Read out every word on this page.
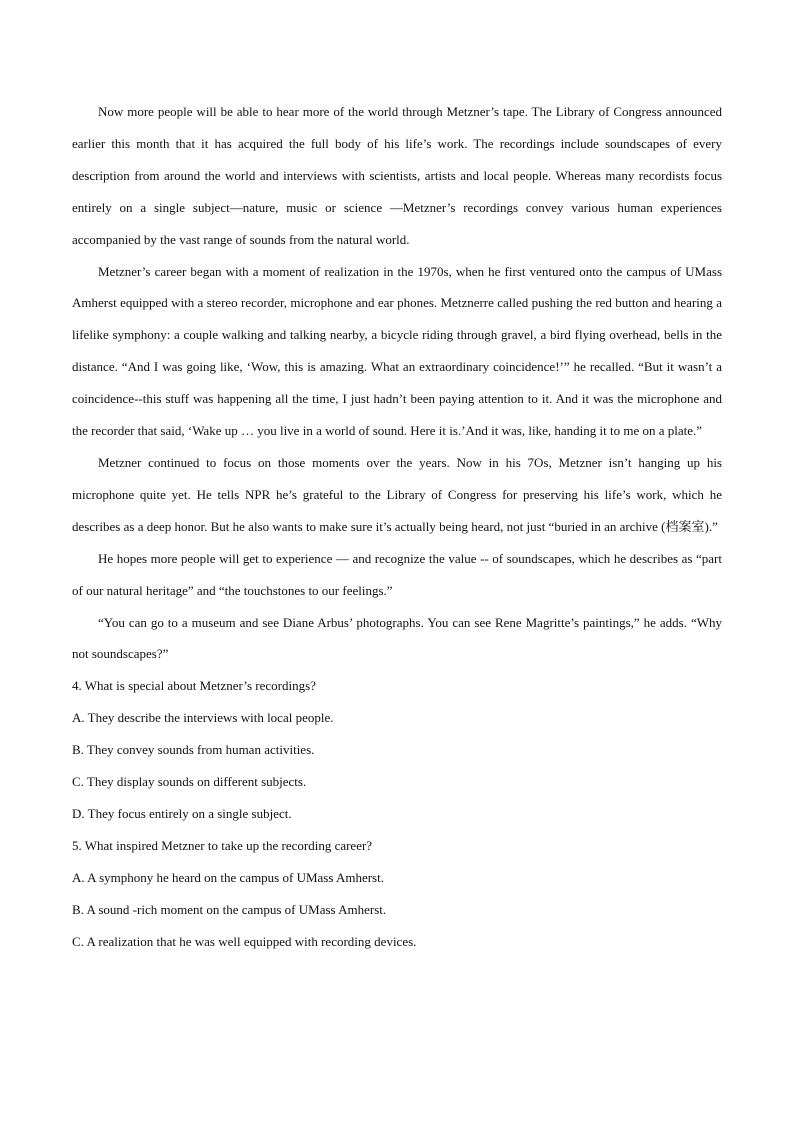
Now more people will be able to hear more of the world through Metzner’s tape. The Library of Congress announced earlier this month that it has acquired the full body of his life’s work. The recordings include soundscapes of every description from around the world and interviews with scientists, artists and local people. Whereas many recordists focus entirely on a single subject—nature, music or science —Metzner’s recordings convey various human experiences accompanied by the vast range of sounds from the natural world.

Metzner’s career began with a moment of realization in the 1970s, when he first ventured onto the campus of UMass Amherst equipped with a stereo recorder, microphone and ear phones. Metznerre called pushing the red button and hearing a lifelike symphony: a couple walking and talking nearby, a bicycle riding through gravel, a bird flying overhead, bells in the distance. “And I was going like, ‘Wow, this is amazing. What an extraordinary coincidence!’” he recalled. “But it wasn’t a coincidence--this stuff was happening all the time, I just hadn’t been paying attention to it. And it was the microphone and the recorder that said, ‘Wake up … you live in a world of sound. Here it is.’And it was, like, handing it to me on a plate.”

Metzner continued to focus on those moments over the years. Now in his 7Os, Metzner isn’t hanging up his microphone quite yet. He tells NPR he’s grateful to the Library of Congress for preserving his life’s work, which he describes as a deep honor. But he also wants to make sure it’s actually being heard, not just “buried in an archive (档案室).”

He hopes more people will get to experience — and recognize the value -- of soundscapes, which he describes as “part of our natural heritage” and “the touchstones to our feelings.”

“You can go to a museum and see Diane Arbus’ photographs. You can see Rene Magritte’s paintings,” he adds. “Why not soundscapes?”

4. What is special about Metzner’s recordings?

A. They describe the interviews with local people.

B. They convey sounds from human activities.

C. They display sounds on different subjects.

D. They focus entirely on a single subject.

5. What inspired Metzner to take up the recording career?

A. A symphony he heard on the campus of UMass Amherst.

B. A sound -rich moment on the campus of UMass Amherst.

C. A realization that he was well equipped with recording devices.
